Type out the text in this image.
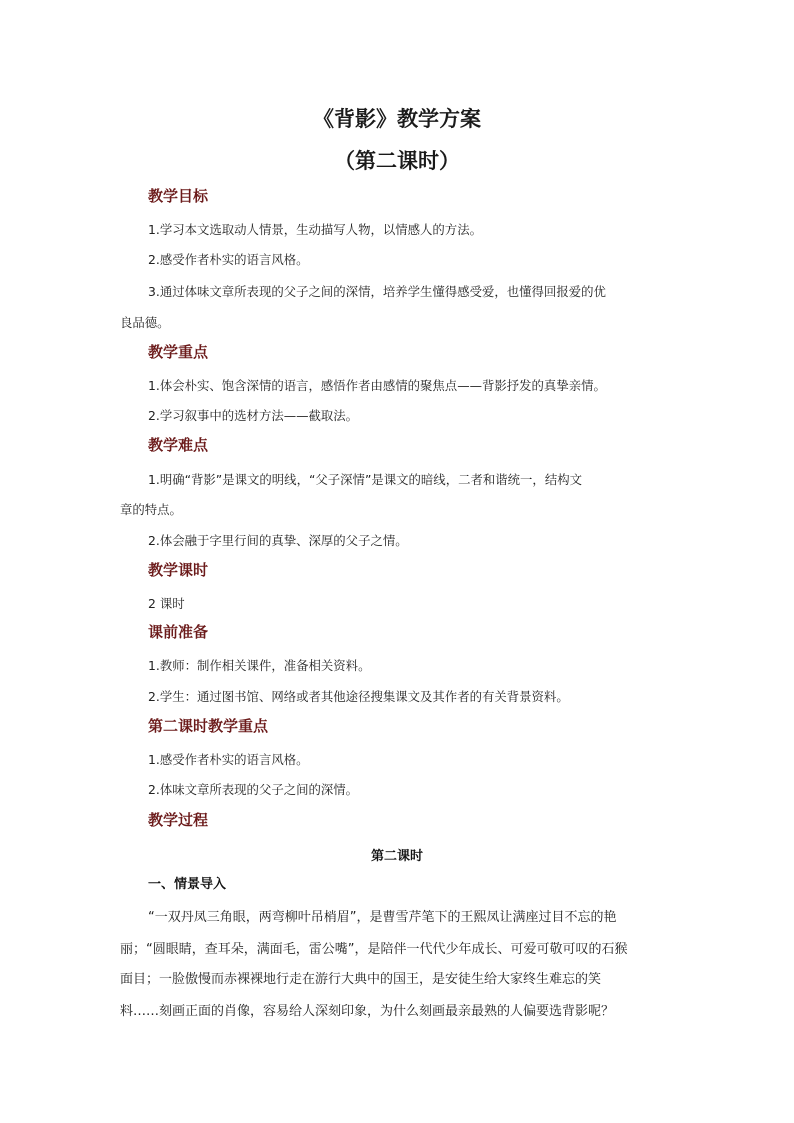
《背影》教学方案
（第二课时）
教学目标

1.学习本文选取动人情景，生动描写人物，以情感人的方法。

2.感受作者朴实的语言风格。

3.通过体味文章所表现的父子之间的深情，培养学生懂得感受爱，也懂得回报爱的优

良品德。

教学重点

1.体会朴实、饱含深情的语言，感悟作者由感情的聚焦点——背影抒发的真挚亲情。

2.学习叙事中的选材方法——截取法。

教学难点

1.明确“背影”是课文的明线，“父子深情”是课文的暗线，二者和谐统一，结构文

章的特点。

2.体会融于字里行间的真挚、深厚的父子之情。

教学课时

2 课时

课前准备

1.教师：制作相关课件，准备相关资料。

2.学生：通过图书馆、网络或者其他途径搜集课文及其作者的有关背景资料。

第二课时教学重点

1.感受作者朴实的语言风格。

2.体味文章所表现的父子之间的深情。

教学过程

第二课时

一、情景导入

“一双丹凤三角眼，两弯柳叶吊梢眉”，是曹雪芹笔下的王熙凤让满座过目不忘的艳

丽；“圆眼睛，查耳朵，满面毛，雷公嘴”，是陪伴一代代少年成长、可爱可敬可叹的石猴

面目；一脸傲慢而赤裸裸地行走在游行大典中的国王，是安徒生给大家终生难忘的笑

料……刻画正面的肖像，容易给人深刻印象，为什么刻画最亲最熟的人偏要选背影呢？
